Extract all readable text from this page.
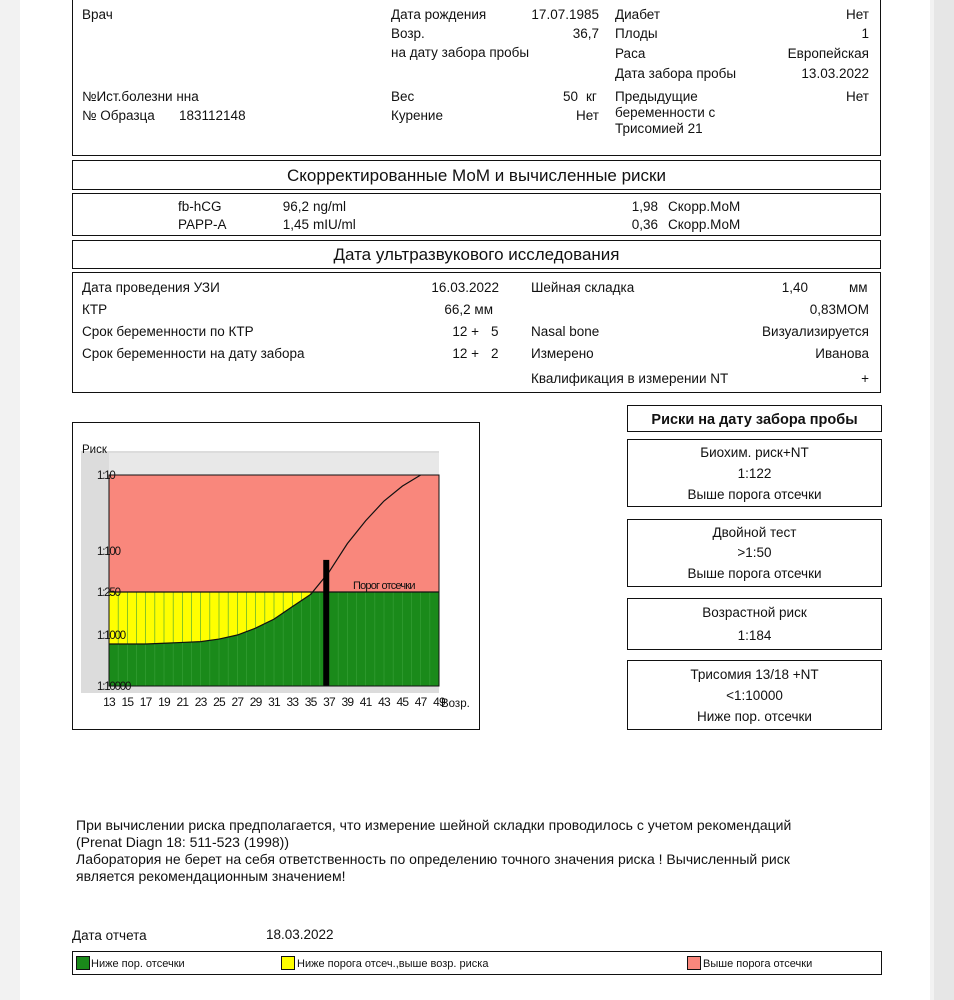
Врач
№Ист.болезни нна
№ Образца 183112148
Дата рождения	17.07.1985
Возр.	36,7
на дату забора пробы
Вес	50 кг
Курение	Нет
Диабет	Нет
Плоды	1
Раса	Европейская
Дата забора пробы	13.03.2022
Предыдущие
беременности с
Трисомией 21
Нет
Скорректированные МоМ и вычисленные риски
fb-hCG	96,2 ng/ml	1,98 Скорр.МоМ
PAPP-A	1,45 mIU/ml	0,36 Скорр.МоМ
Дата ультразвукового исследования
Дата проведения УЗИ	16.03.2022
КТР	66,2 мм
Срок беременности по КТР	12 + 5
Срок беременности на дату забора	12 + 2
Шейная складка	1,40	мм
0,83МОМ
Nasal bone	Визуализируется
Измерено	Иванова
Квалификация в измерении NT	+
Риск
Возр.
Порог отсечки
1:10
1:100
1:250
1:1000
1:10000
13 15 17 19 21 23 25 27 29 31 33 35 37 39 41 43 45 47 49
Риски на дату забора пробы
Биохим. риск+NT
1:122
Выше порога отсечки
Двойной тест
>1:50
Выше порога отсечки
Возрастной риск
1:184
Трисомия 13/18 +NT
<1:10000
Ниже пор. отсечки
При вычислении риска предполагается, что измерение шейной складки проводилось с учетом рекомендаций
(Prenat Diagn 18: 511-523 (1998))
Лаборатория не берет на себя ответственность по определению точного значения риска ! Вычисленный риск
является рекомендационным значением!
Дата отчета	18.03.2022
Ниже пор. отсечки	Ниже порога отсеч.,выше возр. риска	Выше порога отсечки
